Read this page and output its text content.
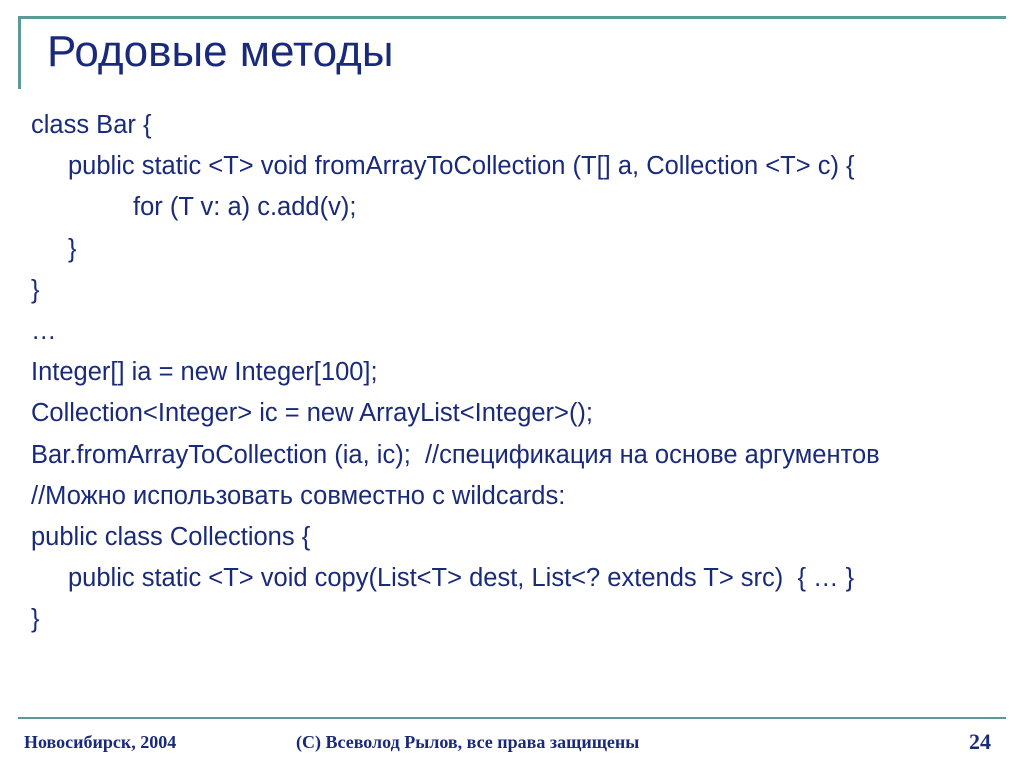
Родовые методы
class Bar {
public static <T> void fromArrayToCollection (T[] a, Collection <T> c) {
for (T v: a) c.add(v);
}
}
…
Integer[] ia = new Integer[100];
Collection<Integer> ic = new ArrayList<Integer>();
Bar.fromArrayToCollection (ia, ic);  //спецификация на основе аргументов
//Можно использовать совместно с wildcards:
public class Collections {
public static <T> void copy(List<T> dest, List<? extends T> src)  { … }
}
Новосибирск, 2004	(C) Всеволод Рылов, все права защищены	24
